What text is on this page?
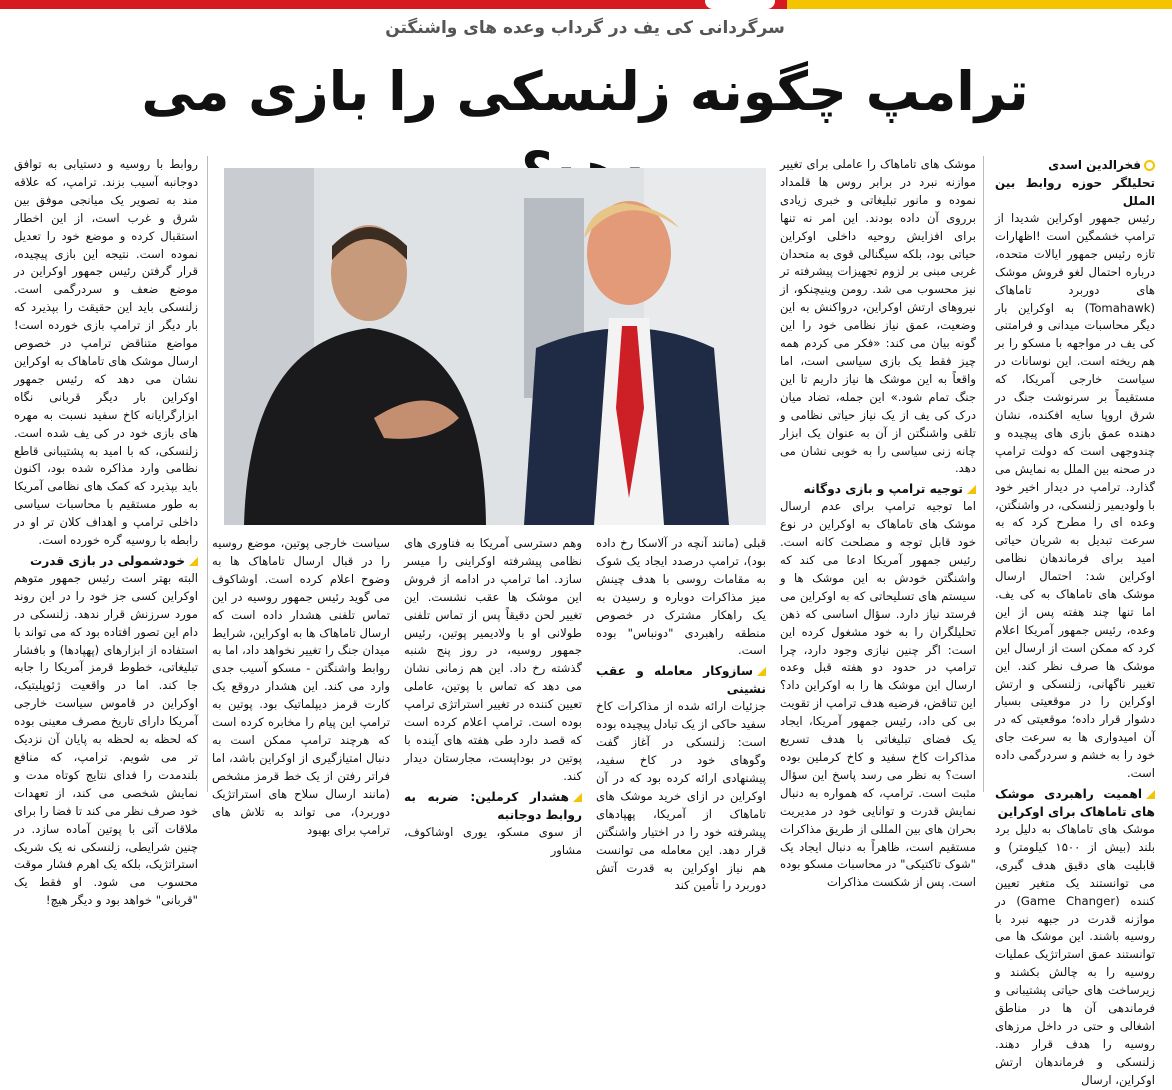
سرگردانی کی یف در گرداب وعده های واشنگتن
ترامپ چگونه زلنسکی را بازی می
فخرالدین اسدی
تحلیلگر حوزه روابط بین الملل

رئیس جمهور اوکراین شدیدا از ترامپ خشمگین است !اظهارات تازه رئیس جمهور ایالات متحده، درباره احتمال لغو فروش موشک های دوربرد تاماهاک (Tomahawk) به اوکراین بار دیگر محاسبات میدانی و فرامتنی کی یف در مواجهه با مسکو را بر هم ریخته است. این نوسانات در سیاست خارجی آمریکا، که مستقیماً بر سرنوشت جنگ در شرق اروپا سایه افکنده، نشان دهنده عمق بازی های پیچیده و چندوجهی است که دولت ترامپ در صحنه بین الملل به نمایش می گذارد. ترامپ در دیدار اخیر خود با ولودیمیر زلنسکی، در واشنگتن، وعده ای را مطرح کرد که به سرعت تبدیل به شریان حیاتی امید برای فرماندهان نظامی اوکراین شد: احتمال ارسال موشک های تاماهاک به کی یف. اما تنها چند هفته پس از این وعده، رئیس جمهور آمریکا اعلام کرد که ممکن است از ارسال این موشک ها صرف نظر کند. این تغییر ناگهانی، زلنسکی و ارتش اوکراین را در موقعیتی بسیار دشوار قرار داده؛ موقعیتی که در آن امیدواری ها به سرعت جای خود را به خشم و سردرگمی داده است.

اهمیت راهبردی موشک های تاماهاک برای اوکراین

موشک های تاماهاک به دلیل برد بلند (بیش از ۱۵۰۰ کیلومتر) و قابلیت های دقیق هدف گیری، می توانستند یک متغیر تعیین کننده (Game Changer) در موازنه قدرت در جبهه نبرد با روسیه باشند. این موشک ها می توانستند عمق استراتژیک عملیات روسیه را به چالش بکشند و زیرساخت های حیاتی پشتیبانی و فرماندهی آن ها در مناطق اشغالی و حتی در داخل مرزهای روسیه را هدف قرار دهند. زلنسکی و فرماندهان ارتش اوکراین، ارسال

موشک های تاماهاک را عاملی برای تغییر موازنه نبرد در برابر روس ها قلمداد نموده و مانور تبلیغاتی و خبری زیادی برروی آن داده بودند. این امر نه تنها برای افزایش روحیه داخلی اوکراین حیاتی بود، بلکه سیگنالی قوی به متحدان غربی مبنی بر لزوم تجهیزات پیشرفته تر نیز محسوب می شد. رومن وینیچنکو، از نیروهای ارتش اوکراین، درواکنش به این وضعیت، عمق نیاز نظامی خود را این گونه بیان می کند: «فکر می کردم همه چیز فقط یک بازی سیاسی است، اما واقعاً به این موشک ها نیاز داریم تا این جنگ تمام شود.» این جمله، تضاد میان درک کی یف از یک نیاز حیاتی نظامی و تلقی واشنگتن از آن به عنوان یک ابزار چانه زنی سیاسی را به خوبی نشان می دهد.

توجیه ترامپ و بازی دوگانه

اما توجیه ترامپ برای عدم ارسال موشک های تاماهاک به اوکراین در نوع خود قابل توجه و مصلحت کانه است. رئیس جمهور آمریکا ادعا می کند که واشنگتن خودش به این موشک ها و سیستم های تسلیحاتی که به اوکراین می فرستد نیاز دارد. سؤال اساسی که ذهن تحلیلگران را به خود مشغول کرده این است: اگر چنین نیازی وجود دارد، چرا ترامپ در حدود دو هفته قبل وعده ارسال این موشک ها را به اوکراین داد؟ این تناقض، فرضیه هدف ترامپ از تقویت بی کی داد، رئیس جمهور آمریکا، ایجاد یک فضای تبلیغاتی با هدف تسریع مذاکرات کاخ سفید و کاخ کرملین بوده است؟ به نظر می رسد پاسخ این سؤال مثبت است. ترامپ، که همواره به دنبال نمایش قدرت و توانایی خود در مدیریت بحران های بین المللی از طریق مذاکرات مستقیم است، ظاهراً به دنبال ایجاد یک "شوک تاکتیکی" در محاسبات مسکو بوده است. پس از شکست مذاکرات

قبلی (مانند آنچه در آلاسکا رخ داده بود)، ترامپ درصدد ایجاد یک شوک به مقامات روسی با هدف چینش میز مذاکرات دوباره و رسیدن به یک راهکار مشترک در خصوص منطقه راهبردی "دونباس" بوده است.

سازوکار معامله و عقب نشینی

جزئیات ارائه شده از مذاکرات کاخ سفید حاکی از یک تبادل پیچیده بوده است: زلنسکی در آغاز گفت وگوهای خود در کاخ سفید، پیشنهادی ارائه کرده بود که در آن اوکراین در ازای خرید موشک های تاماهاک از آمریکا، پهپادهای پیشرفته خود را در اختیار واشنگتن قرار دهد. این معامله می توانست هم نیاز اوکراین به قدرت آتش دوربرد را تأمین کند

وهم دسترسی آمریکا به فناوری های نظامی پیشرفته اوکراینی را میسر سازد. اما ترامپ در ادامه از فروش این موشک ها عقب نشست. این تغییر لحن دقیقاً پس از تماس تلفنی طولانی او با ولادیمیر پوتین، رئیس جمهور روسیه، در روز پنج شنبه گذشته رخ داد. این هم زمانی نشان می دهد که تماس با پوتین، عاملی تعیین کننده در تغییر استراتژی ترامپ بوده است. ترامپ اعلام کرده است که قصد دارد طی هفته های آینده با پوتین در بوداپست، مجارستان دیدار کند.

هشدار کرملین: ضربه به روابط دوجانبه

از سوی مسکو، یوری اوشاکوف، مشاور

سیاست خارجی پوتین، موضع روسیه را در قبال ارسال تاماهاک ها به وضوح اعلام کرده است. اوشاکوف می گوید رئیس جمهور روسیه در این تماس تلفنی هشدار داده است که ارسال تاماهاک ها به اوکراین، شرایط میدان جنگ را تغییر نخواهد داد، اما به روابط واشنگتن - مسکو آسیب جدی وارد می کند. این هشدار دروقع یک کارت قرمز دیپلماتیک بود. پوتین به ترامپ این پیام را مخابره کرده است که هرچند ترامپ ممکن است به دنبال امتیازگیری از اوکراین باشد، اما فراتر رفتن از یک خط قرمز مشخص (مانند ارسال سلاح های استراتژیک دوربرد)، می تواند به تلاش های ترامپ برای بهبود

روابط با روسیه و دستیابی به توافق دوجانبه آسیب بزند. ترامپ، که علاقه مند به تصویر یک میانجی موفق بین شرق و غرب است، از این اخطار استقبال کرده و موضع خود را تعدیل نموده است. نتیجه این بازی پیچیده، قرار گرفتن رئیس جمهور اوکراین در موضع ضعف و سردرگمی است. زلنسکی باید این حقیقت را بپذیرد که بار دیگر از ترامپ بازی خورده است! مواضع متناقض ترامپ در خصوص ارسال موشک های تاماهاک به اوکراین نشان می دهد که رئیس جمهور اوکراین بار دیگر قربانی نگاه ابزارگرایانه کاخ سفید نسبت به مهره های بازی خود در کی یف شده است. زلنسکی، که با امید به پشتیبانی قاطع نظامی وارد مذاکره شده بود، اکنون باید بپذیرد که کمک های نظامی آمریکا به طور مستقیم با محاسبات سیاسی داخلی ترامپ و اهداف کلان تر او در رابطه با روسیه گره خورده است.

خودشمولی در بازی قدرت

البته بهتر است رئیس جمهور متوهم اوکراین کسی جز خود را در این روند مورد سرزنش قرار ندهد. زلنسکی در دام این تصور افتاده بود که می تواند با استفاده از ابزارهای (پهپادها) و بافشار تبلیغاتی، خطوط قرمز آمریکا را جابه جا کند. اما در واقعیت ژئوپلیتیک، اوکراین در قاموس سیاست خارجی آمریکا دارای تاریخ مصرف معینی بوده که لحظه به لحظه به پایان آن نزدیک تر می شویم. ترامپ، که منافع بلندمدت را فدای نتایج کوتاه مدت و نمایش شخصی می کند، از تعهدات خود صرف نظر می کند تا فضا را برای ملاقات آتی با پوتین آماده سازد. در چنین شرایطی، زلنسکی نه یک شریک استراتژیک، بلکه یک اهرم فشار موقت محسوب می شود. او فقط یک "قربانی" خواهد بود و دیگر هیچ!
